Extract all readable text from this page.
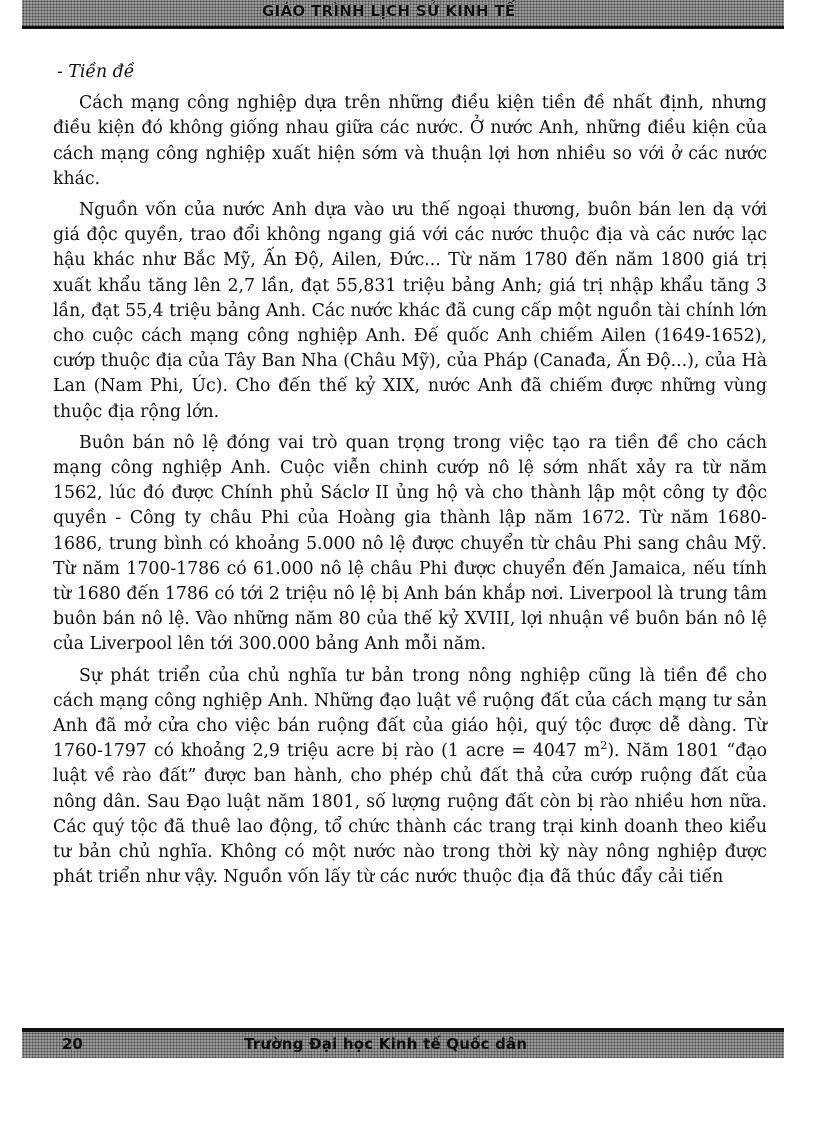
GIÁO TRÌNH LỊCH SỬ KINH TẾ

- Tiền đề

Cách mạng công nghiệp dựa trên những điều kiện tiền đề nhất định, nhưng điều kiện đó không giống nhau giữa các nước. Ở nước Anh, những điều kiện của cách mạng công nghiệp xuất hiện sớm và thuận lợi hơn nhiều so với ở các nước khác.

Nguồn vốn của nước Anh dựa vào ưu thế ngoại thương, buôn bán len dạ với giá độc quyền, trao đổi không ngang giá với các nước thuộc địa và các nước lạc hậu khác như Bắc Mỹ, Ấn Độ, Ailen, Đức... Từ năm 1780 đến năm 1800 giá trị xuất khẩu tăng lên 2,7 lần, đạt 55,831 triệu bảng Anh; giá trị nhập khẩu tăng 3 lần, đạt 55,4 triệu bảng Anh. Các nước khác đã cung cấp một nguồn tài chính lớn cho cuộc cách mạng công nghiệp Anh. Đế quốc Anh chiếm Ailen (1649-1652), cướp thuộc địa của Tây Ban Nha (Châu Mỹ), của Pháp (Canađa, Ấn Độ...), của Hà Lan (Nam Phi, Úc). Cho đến thế kỷ XIX, nước Anh đã chiếm được những vùng thuộc địa rộng lớn.

Buôn bán nô lệ đóng vai trò quan trọng trong việc tạo ra tiền đề cho cách mạng công nghiệp Anh. Cuộc viễn chinh cướp nô lệ sớm nhất xảy ra từ năm 1562, lúc đó được Chính phủ Sáclơ II ủng hộ và cho thành lập một công ty độc quyền - Công ty châu Phi của Hoàng gia thành lập năm 1672. Từ năm 1680-1686, trung bình có khoảng 5.000 nô lệ được chuyển từ châu Phi sang châu Mỹ. Từ năm 1700-1786 có 61.000 nô lệ châu Phi được chuyển đến Jamaica, nếu tính từ 1680 đến 1786 có tới 2 triệu nô lệ bị Anh bán khắp nơi. Liverpool là trung tâm buôn bán nô lệ. Vào những năm 80 của thế kỷ XVIII, lợi nhuận về buôn bán nô lệ của Liverpool lên tới 300.000 bảng Anh mỗi năm.

Sự phát triển của chủ nghĩa tư bản trong nông nghiệp cũng là tiền đề cho cách mạng công nghiệp Anh. Những đạo luật về ruộng đất của cách mạng tư sản Anh đã mở cửa cho việc bán ruộng đất của giáo hội, quý tộc được dễ dàng. Từ 1760-1797 có khoảng 2,9 triệu acre bị rào (1 acre = 4047 $m^2$). Năm 1801 “đạo luật về rào đất” được ban hành, cho phép chủ đất thả cửa cướp ruộng đất của nông dân. Sau Đạo luật năm 1801, số lượng ruộng đất còn bị rào nhiều hơn nữa. Các quý tộc đã thuê lao động, tổ chức thành các trang trại kinh doanh theo kiểu tư bản chủ nghĩa. Không có một nước nào trong thời kỳ này nông nghiệp được phát triển như vậy. Nguồn vốn lấy từ các nước thuộc địa đã thúc đẩy cải tiến

20	Trường Đại học Kinh tế Quốc dân
